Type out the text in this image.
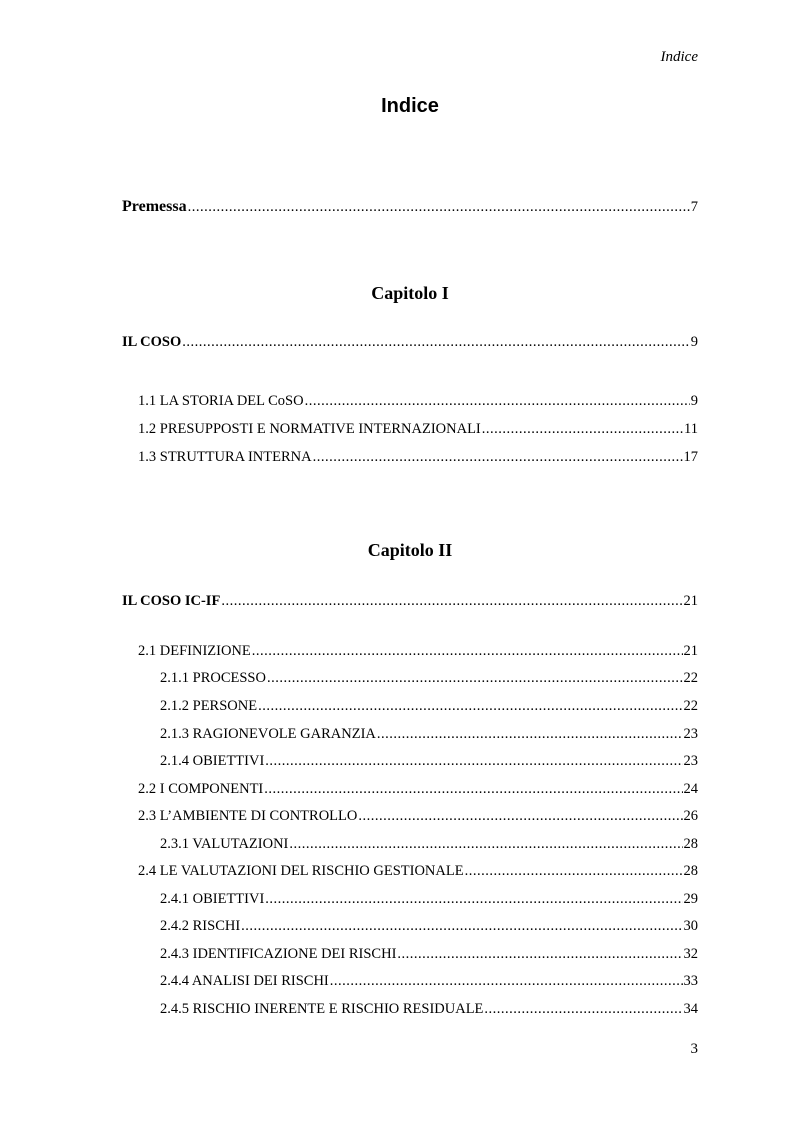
Indice
Indice
Premessa .....	7
Capitolo I
IL COSO .....	9
1.1 LA STORIA DEL CoSO .....	9
1.2 PRESUPPOSTI E NORMATIVE INTERNAZIONALI .....	11
1.3 STRUTTURA INTERNA .....	17
Capitolo II
IL COSO IC-IF .....	21
2.1 DEFINIZIONE .....	21
2.1.1 PROCESSO .....	22
2.1.2 PERSONE .....	22
2.1.3 RAGIONEVOLE GARANZIA .....	23
2.1.4 OBIETTIVI .....	23
2.2 I COMPONENTI .....	24
2.3 L’AMBIENTE DI CONTROLLO .....	26
2.3.1 VALUTAZIONI .....	28
2.4 LE VALUTAZIONI DEL RISCHIO GESTIONALE .....	28
2.4.1 OBIETTIVI .....	29
2.4.2 RISCHI .....	30
2.4.3 IDENTIFICAZIONE DEI RISCHI .....	32
2.4.4 ANALISI DEI RISCHI .....	33
2.4.5 RISCHIO INERENTE E RISCHIO RESIDUALE .....	34
3
